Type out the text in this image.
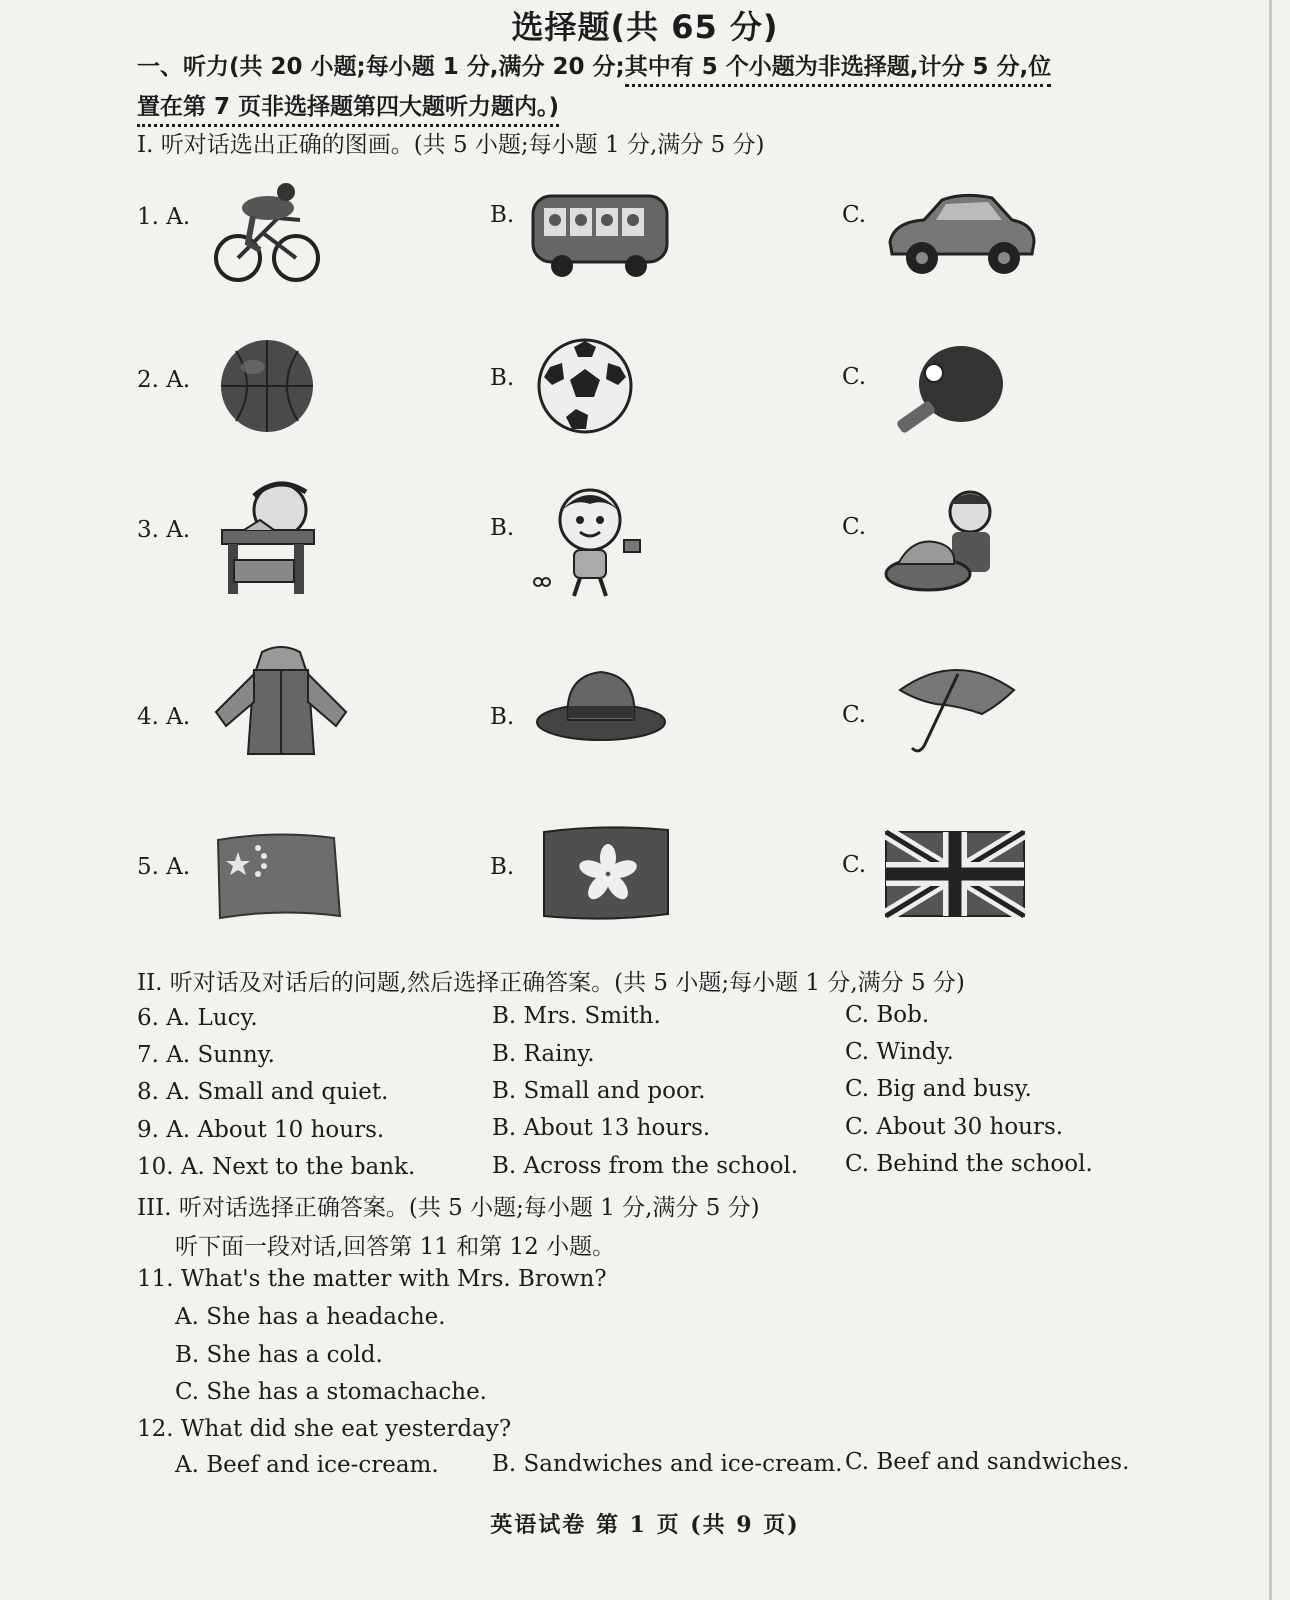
选择题(共 65 分)
一、听力(共 20 小题;每小题 1 分,满分 20 分;其中有 5 个小题为非选择题,计分 5 分,位
置在第 7 页非选择题第四大题听力题内。)
I. 听对话选出正确的图画。(共 5 小题;每小题 1 分,满分 5 分)
1. A.	B.	C.
2. A.	B.	C.
3. A.	B.	C.
4. A.	B.	C.
5. A.	B.	C.
II. 听对话及对话后的问题,然后选择正确答案。(共 5 小题;每小题 1 分,满分 5 分)
6. A. Lucy.	B. Mrs. Smith.	C. Bob.
7. A. Sunny.	B. Rainy.	C. Windy.
8. A. Small and quiet.	B. Small and poor.	C. Big and busy.
9. A. About 10 hours.	B. About 13 hours.	C. About 30 hours.
10. A. Next to the bank.	B. Across from the school. C. Behind the school.
III. 听对话选择正确答案。(共 5 小题;每小题 1 分,满分 5 分)
听下面一段对话,回答第 11 和第 12 小题。
11. What's the matter with Mrs. Brown?
A. She has a headache.
B. She has a cold.
C. She has a stomachache.
12. What did she eat yesterday?
A. Beef and ice-cream. B. Sandwiches and ice-cream. C. Beef and sandwiches.
英语试卷 第 1 页 (共 9 页)
